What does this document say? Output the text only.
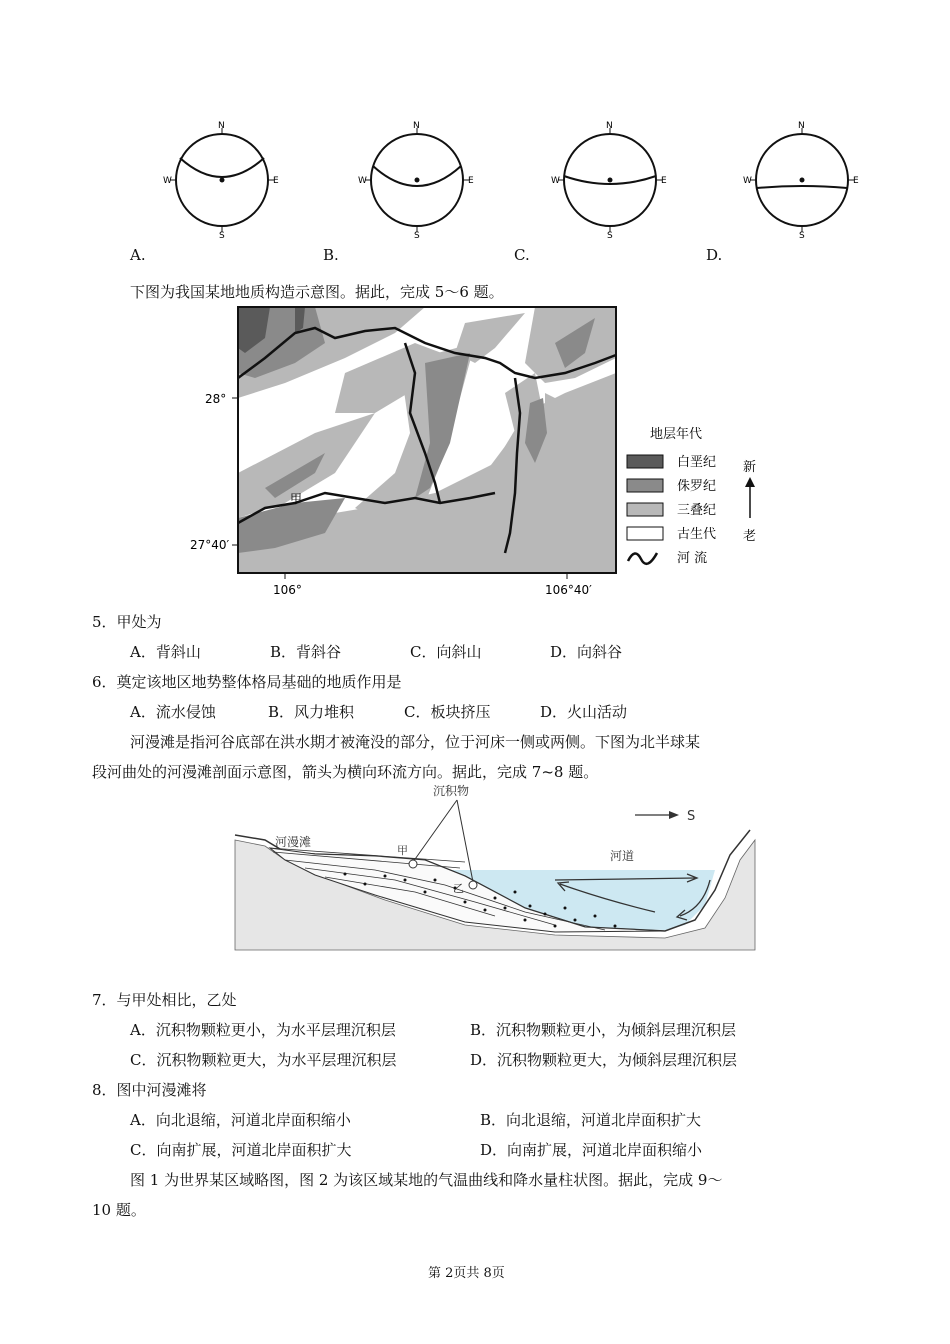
N
S
W	E
N
S
W	E
N
S
W	E
N
S
W	E
A.	B.	C.	D.
下图为我国某地地质构造示意图。据此，完成 5～6 题。
28°
27°40′
106°	106°40′
甲
地层年代
白垩纪
侏罗纪
三叠纪
古生代
河 流
新
老
5．甲处为
A．背斜山	B．背斜谷	C．向斜山	D．向斜谷
6．奠定该地区地势整体格局基础的地质作用是
A．流水侵蚀	B．风力堆积	C．板块挤压	D．火山活动
河漫滩是指河谷底部在洪水期才被淹没的部分，位于河床一侧或两侧。下图为北半球某
段河曲处的河漫滩剖面示意图，箭头为横向环流方向。据此，完成 7~8 题。
S
沉积物
河漫滩
河道
甲
乙
7．与甲处相比，乙处
A．沉积物颗粒更小，为水平层理沉积层	B．沉积物颗粒更小，为倾斜层理沉积层
C．沉积物颗粒更大，为水平层理沉积层	D．沉积物颗粒更大，为倾斜层理沉积层
8．图中河漫滩将
A．向北退缩，河道北岸面积缩小	B．向北退缩，河道北岸面积扩大
C．向南扩展，河道北岸面积扩大	D．向南扩展，河道北岸面积缩小
图 1 为世界某区域略图，图 2 为该区域某地的气温曲线和降水量柱状图。据此，完成 9～
10 题。
第 2页共 8页
